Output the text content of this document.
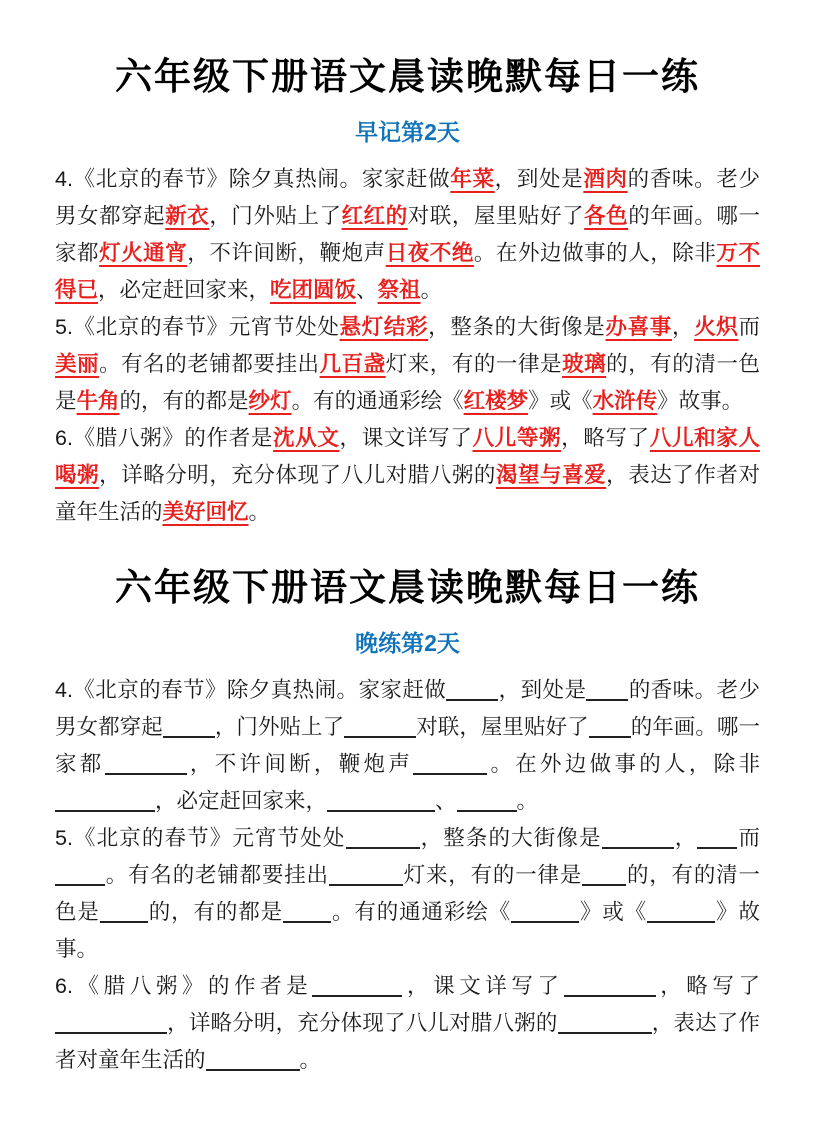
六年级下册语文晨读晚默每日一练
早记第2天

4.《北京的春节》除夕真热闹。家家赶做年菜，到处是酒肉的香味。老少男女都穿起新衣，门外贴上了红红的对联，屋里贴好了各色的年画。哪一家都灯火通宵，不许间断，鞭炮声日夜不绝。在外边做事的人，除非万不得已，必定赶回家来，吃团圆饭、祭祖。

5.《北京的春节》元宵节处处悬灯结彩，整条的大街像是办喜事，火炽而美丽。有名的老铺都要挂出几百盏灯来，有的一律是玻璃的，有的清一色是牛角的，有的都是纱灯。有的通通彩绘《红楼梦》或《水浒传》故事。

6.《腊八粥》的作者是沈从文，课文详写了八儿等粥，略写了八儿和家人喝粥，详略分明，充分体现了八儿对腊八粥的渴望与喜爱，表达了作者对童年生活的美好回忆。

六年级下册语文晨读晚默每日一练
晚练第2天

4.《北京的春节》除夕真热闹。家家赶做 ，到处是 的香味。老少男女都穿起 ，门外贴上了	对联，屋里贴好了 的年画。哪一家都	，不许间断，鞭炮声	。在外边做事的人，除非，必定赶回家来，	、	。

5.《北京的春节》元宵节处处	，整条的大街像是	， 而。有名的老铺都要挂出	灯来，有的一律是 的，有的清一色是 的，有的都是 。有的通通彩绘《	》或《	》故事。

6.《腊八粥》的作者是	，课文详写了	，略写了，详略分明，充分体现了八儿对腊八粥的	，表达了作者对童年生活的	。
